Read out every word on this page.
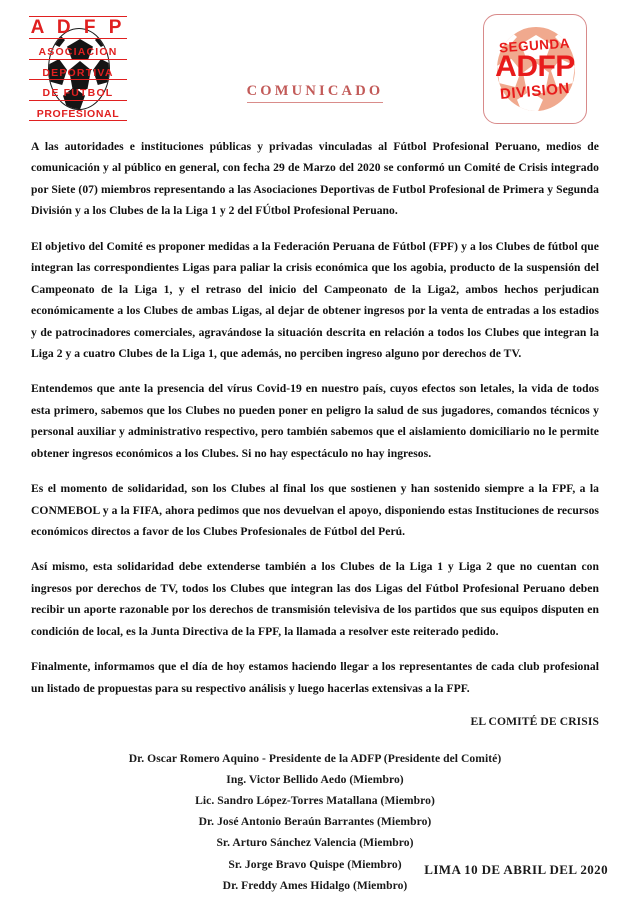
A D F P
ASOCIACION
DEPORTIVA
DE FUTBOL
PROFESIONAL
COMUNICADO
SEGUNDA
ADFP
DIVISION

A las autoridades e instituciones públicas y privadas vinculadas al Fútbol Profesional Peruano, medios de comunicación y al público en general, con fecha 29 de Marzo del 2020 se conformó un Comité de Crisis integrado por Siete (07) miembros representando a las Asociaciones Deportivas de Futbol Profesional de Primera y Segunda División y a los Clubes de la la Liga 1 y 2 del FÚtbol Profesional Peruano.

El objetivo del Comité es proponer medidas a la Federación Peruana de Fútbol (FPF) y a los Clubes de fútbol que integran las correspondientes Ligas para paliar la crisis económica que los agobia, producto de la suspensión del Campeonato de la Liga 1, y el retraso del inicio del Campeonato de la Liga2, ambos hechos perjudican económicamente a los Clubes de ambas Ligas, al dejar de obtener ingresos por la venta de entradas a los estadios y de patrocinadores comerciales, agravándose la situación descrita en relación a todos los Clubes que integran la Liga 2 y a cuatro Clubes de la Liga 1, que además, no perciben ingreso alguno por derechos de TV.

Entendemos que ante la presencia del vírus Covid-19 en nuestro país, cuyos efectos son letales, la vida de todos esta primero, sabemos que los Clubes no pueden poner en peligro la salud de sus jugadores, comandos técnicos y personal auxiliar y administrativo respectivo, pero también sabemos que el aislamiento domiciliario no le permite obtener ingresos económicos a los Clubes. Si no hay espectáculo no hay ingresos.

Es el momento de solidaridad, son los Clubes al final los que sostienen y han sostenido siempre a la FPF, a la CONMEBOL y a la FIFA, ahora pedimos que nos devuelvan el apoyo, disponiendo estas Instituciones de recursos económicos directos a favor de los Clubes Profesionales de Fútbol del Perú.

Así mismo, esta solidaridad debe extenderse también a los Clubes de la Liga 1 y Liga 2 que no cuentan con ingresos por derechos de TV, todos los Clubes que integran las dos Ligas del Fútbol Profesional Peruano deben recibir un aporte razonable por los derechos de transmisión televisiva de los partidos que sus equipos disputen en condición de local, es la Junta Directiva de la FPF, la llamada a resolver este reiterado pedido.

Finalmente, informamos que el día de hoy estamos haciendo llegar a los representantes de cada club profesional un listado de propuestas para su respectivo análisis y luego hacerlas extensivas a la FPF.

EL COMITÉ DE CRISIS
Dr. Oscar Romero Aquino - Presidente de la ADFP (Presidente del Comité)
Ing. Victor Bellido Aedo (Miembro)
Lic. Sandro López-Torres Matallana (Miembro)
Dr. José Antonio Beraún Barrantes (Miembro)
Sr. Arturo Sánchez Valencia (Miembro)
Sr. Jorge Bravo Quispe (Miembro)
Dr. Freddy Ames Hidalgo (Miembro)
LIMA 10 DE ABRIL DEL 2020
